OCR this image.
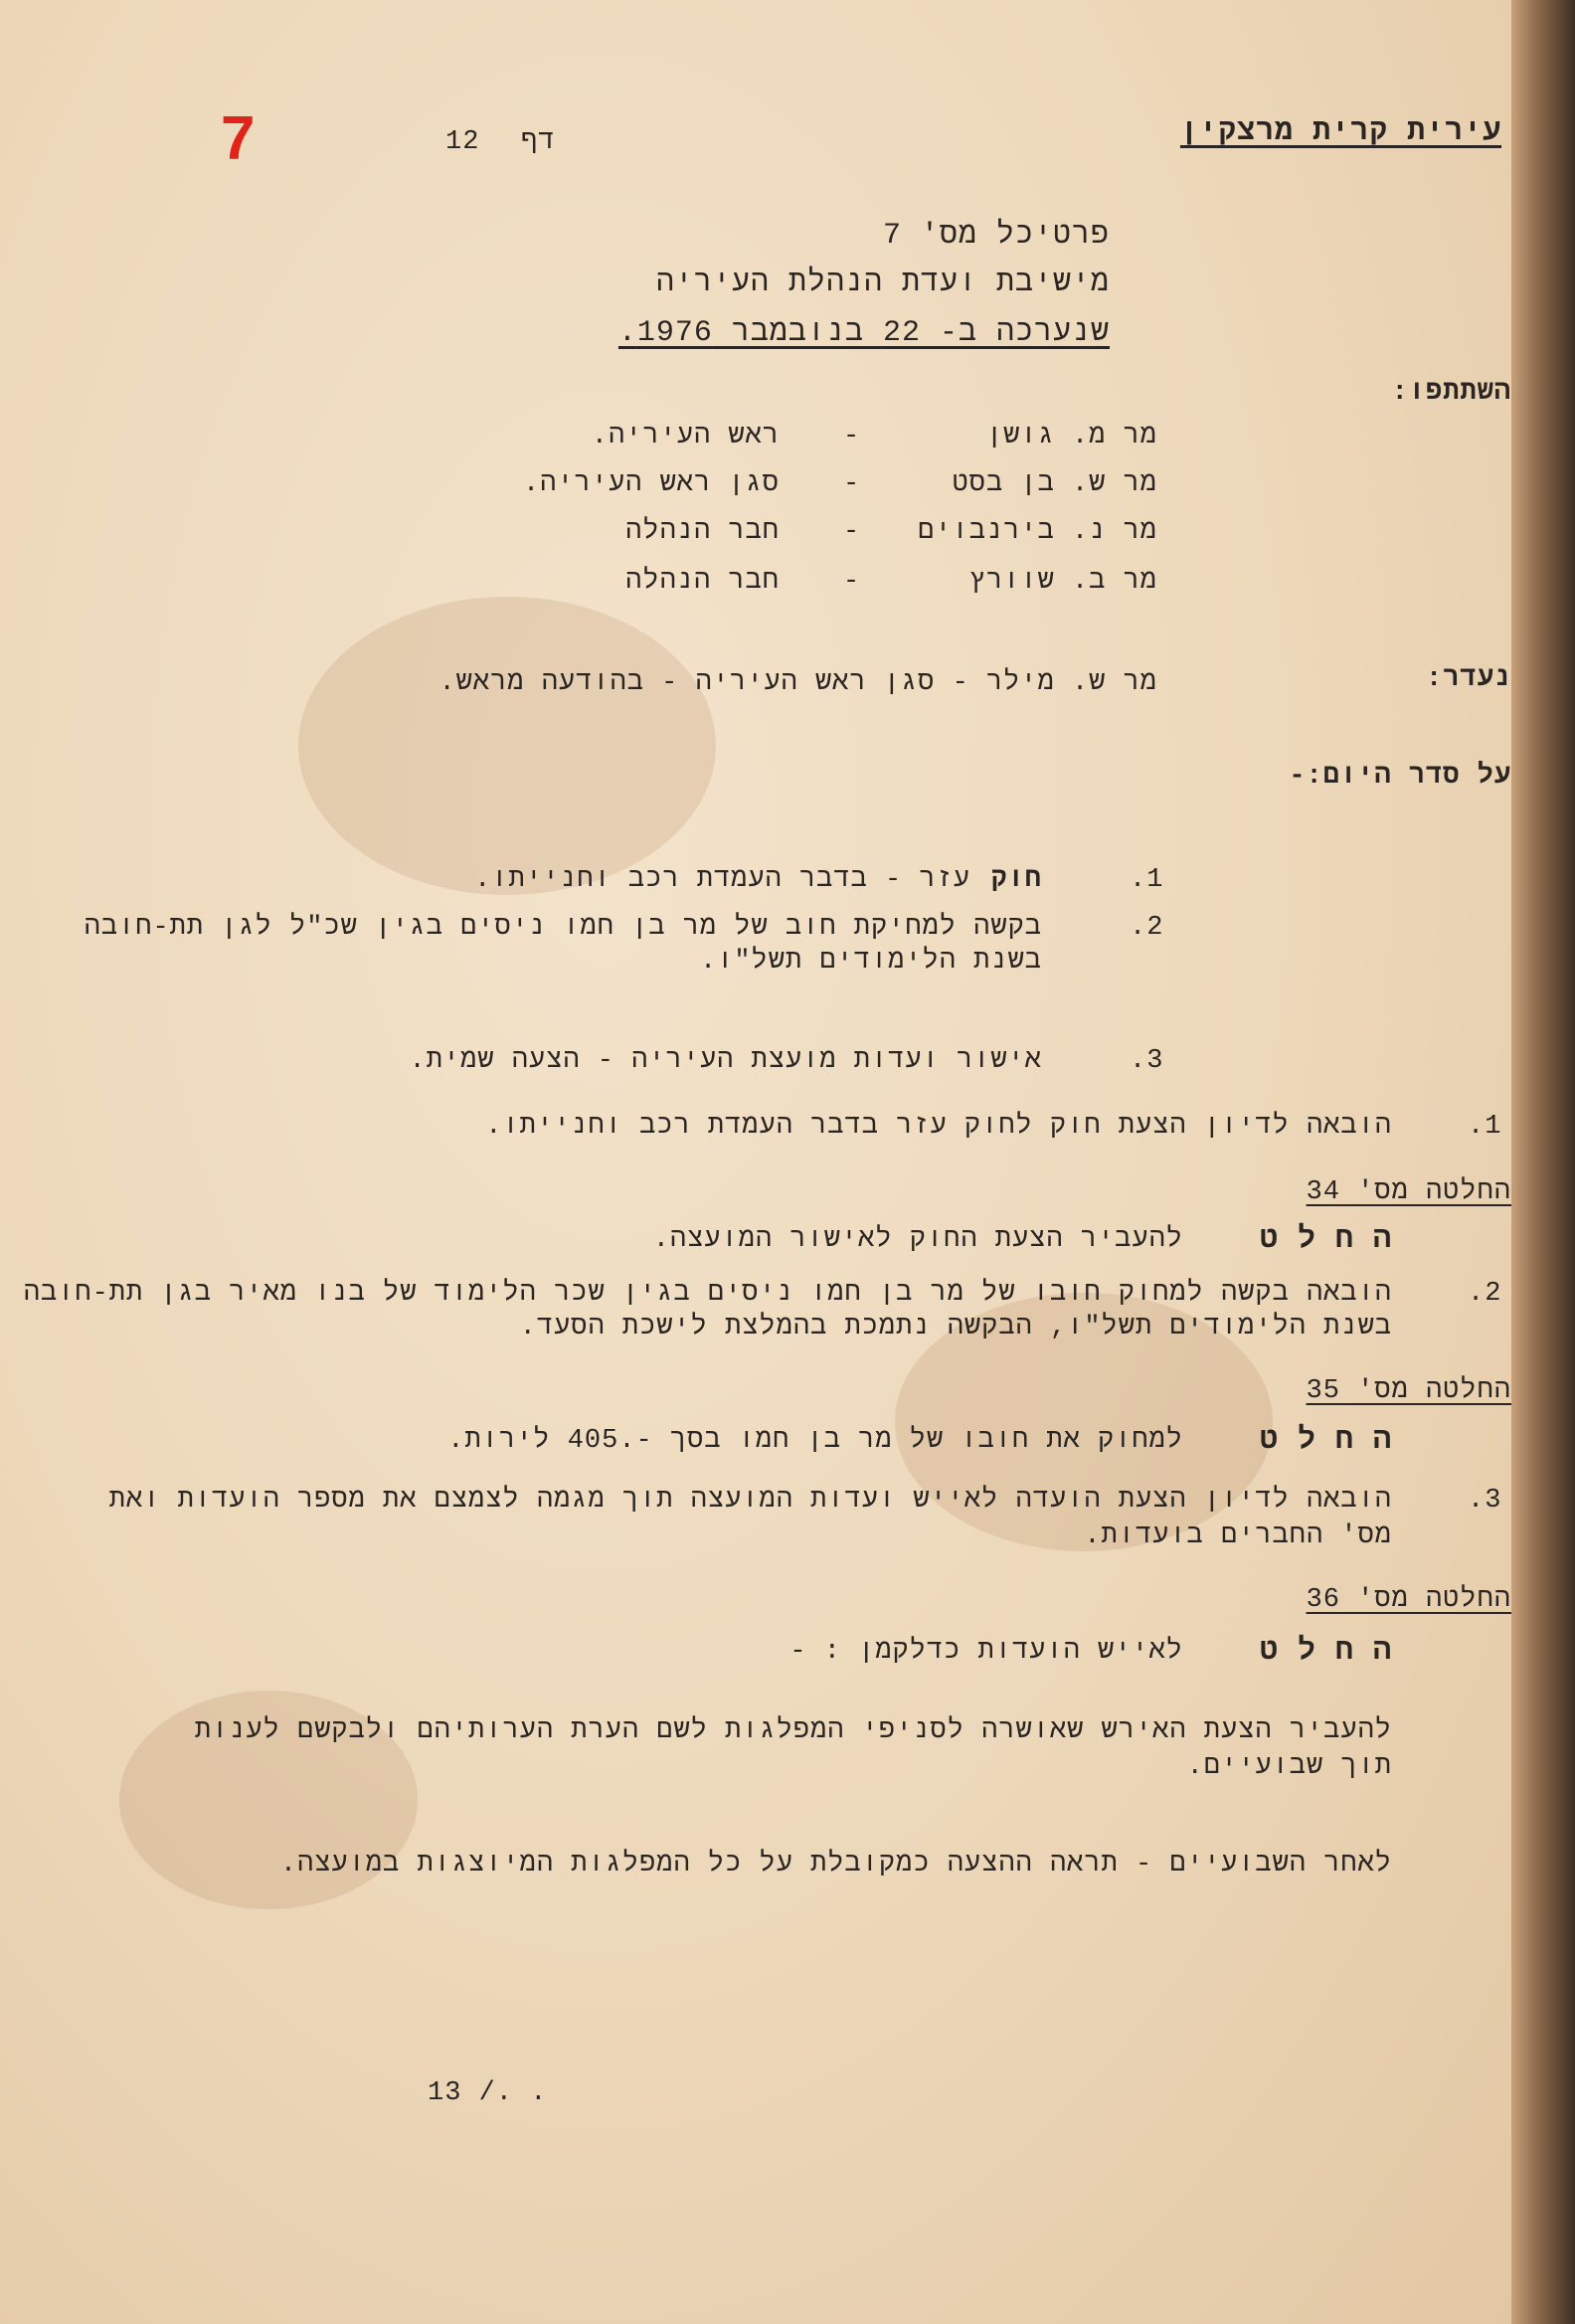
7	12 דף	עירית קרית מרצקין
פרטיכל מס' 7
מישיבת ועדת הנהלת העיריה
שנערכה ב- 22 בנובמבר 1976.
השתתפו:
מר מ. גושן
-
ראש העיריה.
מר ש. בן בסט
-
סגן ראש העיריה.
מר נ. בירנבוים
-
חבר הנהלה
מר ב. שוורץ
-
חבר הנהלה
נעדר:
מר ש. מילר - סגן ראש העיריה - בהודעה מראש.
על סדר היום:-
.1
חוק
עזר - בדבר העמדת רכב וחנייתו.
.2
בקשה למחיקת חוב של מר בן חמו ניסים בגין שכ"ל לגן תת-חובה
בשנת הלימודים תשל"ו.
.3
אישור ועדות מועצת העיריה - הצעה שמית.
.1
הובאה לדיון הצעת חוק לחוק עזר בדבר העמדת רכב וחנייתו.
החלטה מס' 34
ה ח ל ט
להעביר הצעת החוק לאישור המועצה.
.2
הובאה בקשה למחוק חובו של מר בן חמו ניסים בגין שכר הלימוד של בנו מאיר בגן תת-חובה
בשנת הלימודים תשל"ו, הבקשה נתמכת בהמלצת לישכת הסעד.
החלטה מס' 35
ה ח ל ט
למחוק את חובו של מר בן חמו בסך -.405 לירות.
.3
הובאה לדיון הצעת הועדה לאייש ועדות המועצה תוך מגמה לצמצם את מספר הועדות ואת
מס' החברים בועדות.
החלטה מס' 36
ה ח ל ט
לאייש הועדות כדלקמן : -
להעביר הצעת האירש שאושרה לסניפי המפלגות לשם הערת הערותיהם ולבקשם לענות
תוך שבועיים.
לאחר השבועיים - תראה ההצעה כמקובלת על כל המפלגות המיוצגות במועצה.
13 /. .
